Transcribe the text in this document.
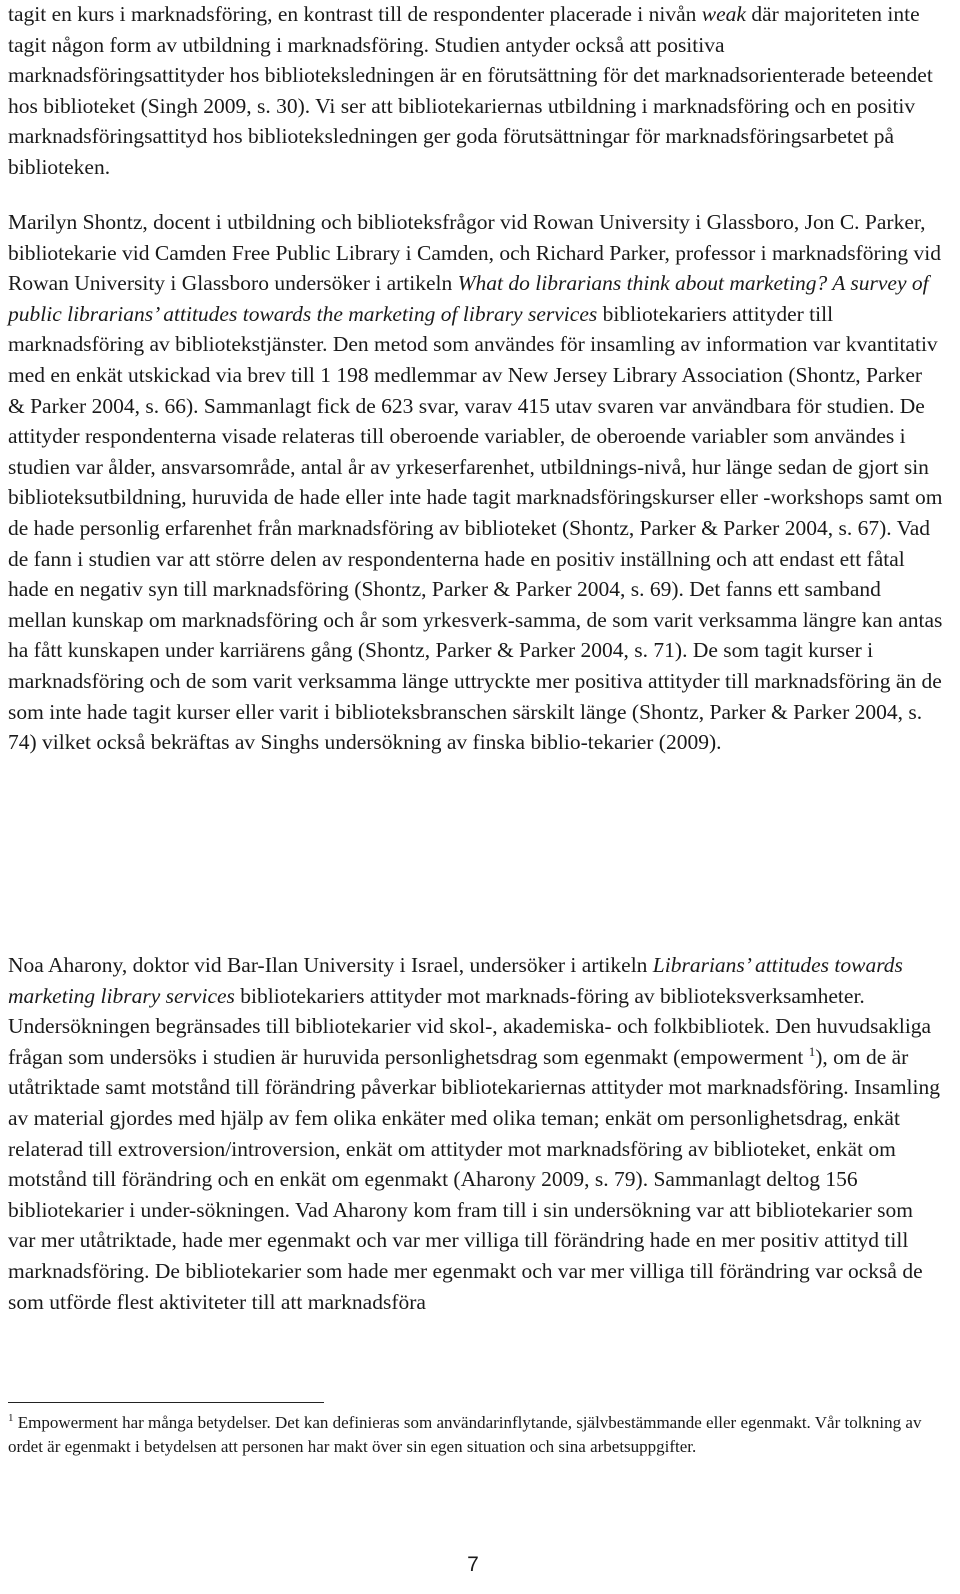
tagit en kurs i marknadsföring, en kontrast till de respondenter placerade i nivån weak där majoriteten inte tagit någon form av utbildning i marknadsföring. Studien antyder också att positiva marknadsföringsattityder hos biblioteksledningen är en förutsättning för det marknadsorienterade beteendet hos biblioteket (Singh 2009, s. 30). Vi ser att bibliotekariernas utbildning i marknadsföring och en positiv marknadsföringsattityd hos biblioteksledningen ger goda förutsättningar för marknadsföringsarbetet på biblioteken.

Marilyn Shontz, docent i utbildning och biblioteksfrågor vid Rowan University i Glassboro, Jon C. Parker, bibliotekarie vid Camden Free Public Library i Camden, och Richard Parker, professor i marknadsföring vid Rowan University i Glassboro undersöker i artikeln What do librarians think about marketing? A survey of public librarians’ attitudes towards the marketing of library services bibliotekariers attityder till marknadsföring av bibliotekstjänster. Den metod som användes för insamling av information var kvantitativ med en enkät utskickad via brev till 1 198 medlemmar av New Jersey Library Association (Shontz, Parker & Parker 2004, s. 66). Sammanlagt fick de 623 svar, varav 415 utav svaren var användbara för studien. De attityder respondenterna visade relateras till oberoende variabler, de oberoende variabler som användes i studien var ålder, ansvarsområde, antal år av yrkeserfarenhet, utbildnings-nivå, hur länge sedan de gjort sin biblioteksutbildning, huruvida de hade eller inte hade tagit marknadsföringskurser eller -workshops samt om de hade personlig erfarenhet från marknadsföring av biblioteket (Shontz, Parker & Parker 2004, s. 67). Vad de fann i studien var att större delen av respondenterna hade en positiv inställning och att endast ett fåtal hade en negativ syn till marknadsföring (Shontz, Parker & Parker 2004, s. 69). Det fanns ett samband mellan kunskap om marknadsföring och år som yrkesverk-samma, de som varit verksamma längre kan antas ha fått kunskapen under karriärens gång (Shontz, Parker & Parker 2004, s. 71). De som tagit kurser i marknadsföring och de som varit verksamma länge uttryckte mer positiva attityder till marknadsföring än de som inte hade tagit kurser eller varit i biblioteksbranschen särskilt länge (Shontz, Parker & Parker 2004, s. 74) vilket också bekräftas av Singhs undersökning av finska biblio-tekarier (2009).

Noa Aharony, doktor vid Bar-Ilan University i Israel, undersöker i artikeln Librarians’ attitudes towards marketing library services bibliotekariers attityder mot marknads-föring av biblioteksverksamheter. Undersökningen begränsades till bibliotekarier vid skol-, akademiska- och folkbibliotek. Den huvudsakliga frågan som undersöks i studien är huruvida personlighetsdrag som egenmakt (empowerment $^1$), om de är utåtriktade samt motstånd till förändring påverkar bibliotekariernas attityder mot marknadsföring. Insamling av material gjordes med hjälp av fem olika enkäter med olika teman; enkät om personlighetsdrag, enkät relaterad till extroversion/introversion, enkät om attityder mot marknadsföring av biblioteket, enkät om motstånd till förändring och en enkät om egenmakt (Aharony 2009, s. 79). Sammanlagt deltog 156 bibliotekarier i under-sökningen. Vad Aharony kom fram till i sin undersökning var att bibliotekarier som var mer utåtriktade, hade mer egenmakt och var mer villiga till förändring hade en mer positiv attityd till marknadsföring. De bibliotekarier som hade mer egenmakt och var mer villiga till förändring var också de som utförde flest aktiviteter till att marknadsföra

$^1$ Empowerment har många betydelser. Det kan definieras som användarinflytande, självbestämmande eller egenmakt. Vår tolkning av ordet är egenmakt i betydelsen att personen har makt över sin egen situation och sina arbetsuppgifter.

7
